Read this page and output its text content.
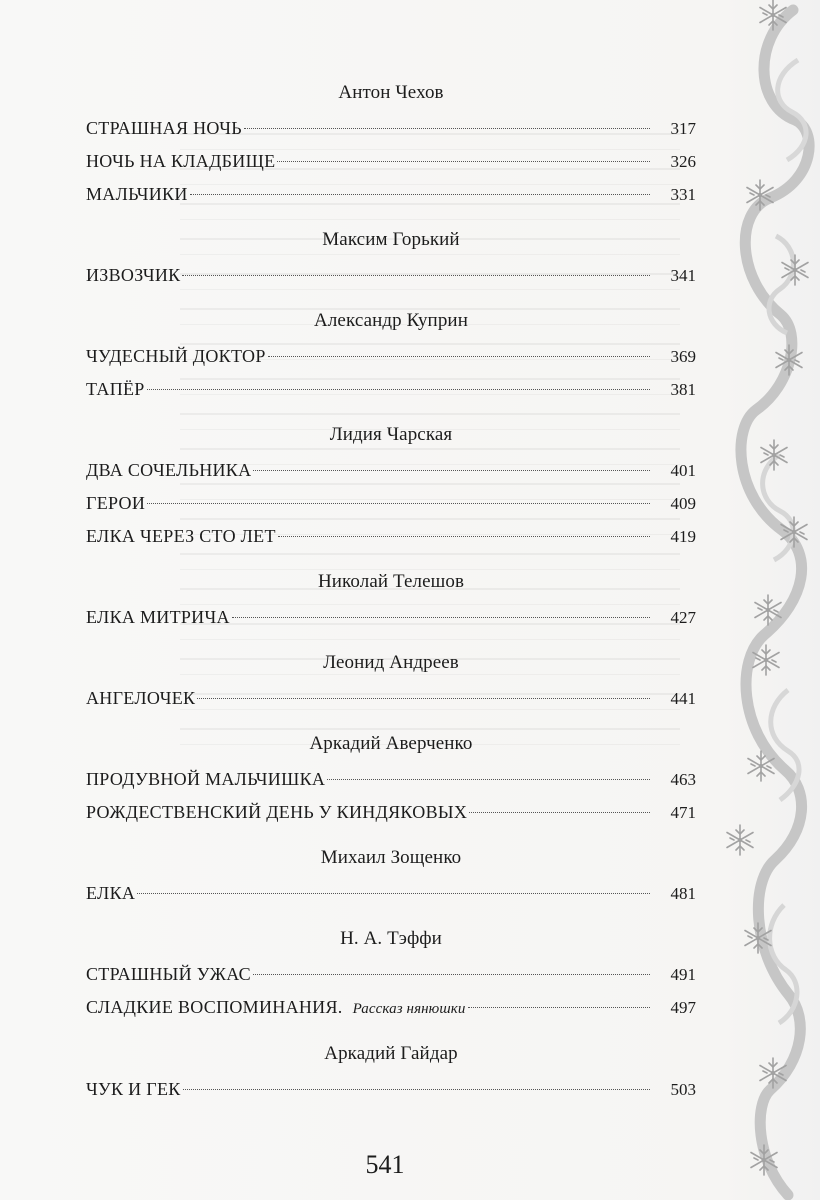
Антон Чехов
СТРАШНАЯ НОЧЬ	317
НОЧЬ НА КЛАДБИЩЕ	326
МАЛЬЧИКИ	331
Максим Горький
ИЗВОЗЧИК	341
Александр Куприн
ЧУДЕСНЫЙ ДОКТОР	369
ТАПЁР	381
Лидия Чарская
ДВА СОЧЕЛЬНИКА	401
ГЕРОИ	409
ЕЛКА ЧЕРЕЗ СТО ЛЕТ	419
Николай Телешов
ЕЛКА МИТРИЧА	427
Леонид Андреев
АНГЕЛОЧЕК	441
Аркадий Аверченко
ПРОДУВНОЙ МАЛЬЧИШКА	463
РОЖДЕСТВЕНСКИЙ ДЕНЬ У КИНДЯКОВЫХ	471
Михаил Зощенко
ЕЛКА	481
Н. А. Тэффи
СТРАШНЫЙ УЖАС	491
СЛАДКИЕ ВОСПОМИНАНИЯ. Рассказ нянюшки	497
Аркадий Гайдар
ЧУК И ГЕК	503
541
